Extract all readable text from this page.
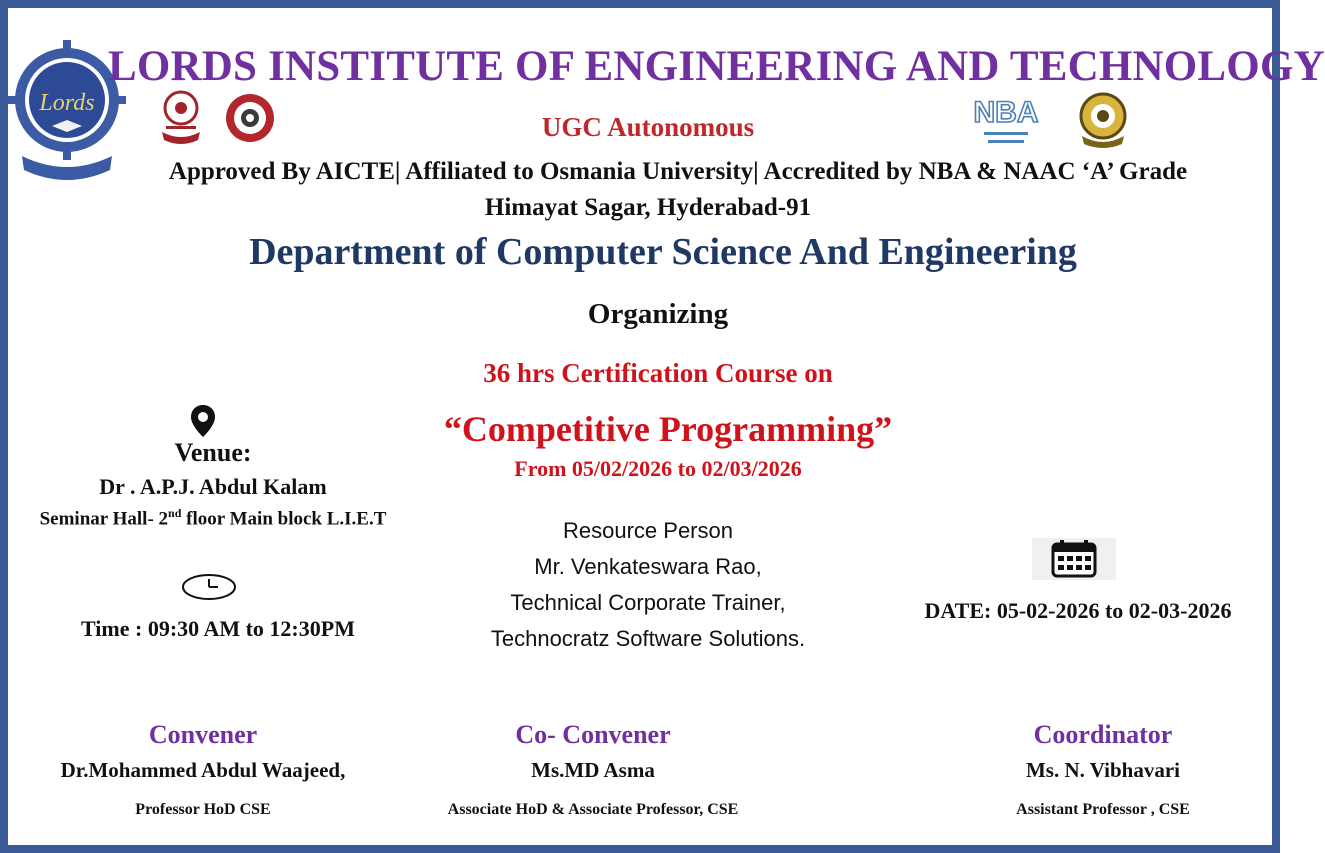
Lords	NBA
LORDS INSTITUTE OF ENGINEERING AND TECHNOLOGY
UGC Autonomous
Approved By AICTE| Affiliated to Osmania University| Accredited by NBA & NAAC ‘A’ Grade
Himayat Sagar, Hyderabad-91
Department of Computer Science And Engineering
Organizing
36 hrs Certification Course on
“Competitive Programming”
From 05/02/2026 to 02/03/2026
Venue:
Dr . A.P.J. Abdul Kalam
Seminar Hall- 2nd floor Main block L.I.E.T
Time : 09:30 AM to 12:30PM
Resource Person
Mr. Venkateswara Rao,
Technical Corporate Trainer,
Technocratz Software Solutions.
DATE: 05-02-2026 to 02-03-2026
Convener
Dr.Mohammed Abdul Waajeed,
Professor HoD CSE
Co- Convener
Ms.MD Asma
Associate HoD & Associate Professor, CSE
Coordinator
Ms. N. Vibhavari
Assistant Professor , CSE
